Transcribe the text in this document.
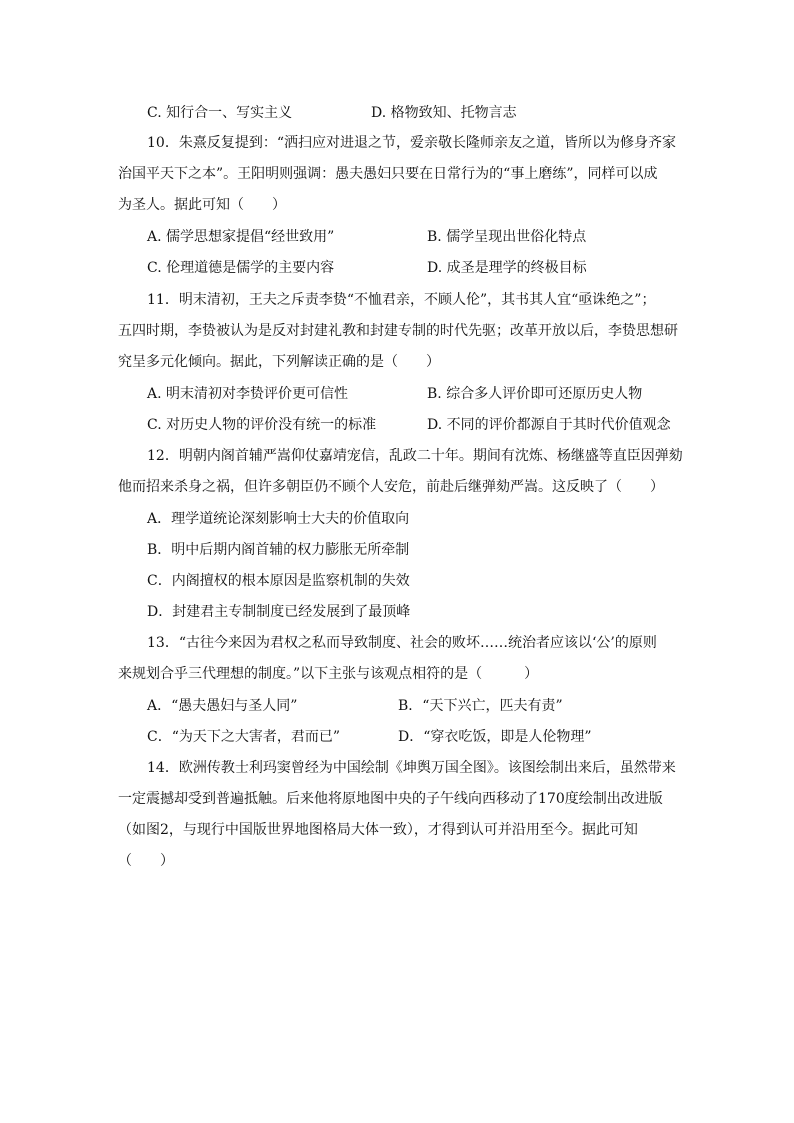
C. 知行合一、写实主义	D. 格物致知、托物言志
10．朱熹反复提到：“洒扫应对进退之节，爱亲敬长隆师亲友之道，皆所以为修身齐家
治国平天下之本”。王阳明则强调：愚夫愚妇只要在日常行为的“事上磨练”，同样可以成
为圣人。据此可知（　　）
A. 儒学思想家提倡“经世致用”	B. 儒学呈现出世俗化特点
C. 伦理道德是儒学的主要内容	D. 成圣是理学的终极目标
11．明末清初，王夫之斥责李贽“不恤君亲，不顾人伦”，其书其人宜“亟诛绝之”；
五四时期，李贽被认为是反对封建礼教和封建专制的时代先驱；改革开放以后，李贽思想研
究呈多元化倾向。据此，下列解读正确的是（　　）
A. 明末清初对李贽评价更可信性	B. 综合多人评价即可还原历史人物
C. 对历史人物的评价没有统一的标准	D. 不同的评价都源自于其时代价值观念
12．明朝内阁首辅严嵩仰仗嘉靖宠信，乱政二十年。期间有沈炼、杨继盛等直臣因弹劾
他而招来杀身之祸，但许多朝臣仍不顾个人安危，前赴后继弹劾严嵩。这反映了（　　）
A．理学道统论深刻影响士大夫的价值取向
B．明中后期内阁首辅的权力膨胀无所牵制
C．内阁擅权的根本原因是监察机制的失效
D．封建君主专制制度已经发展到了最顶峰
13．“古往今来因为君权之私而导致制度、社会的败坏……统治者应该以‘公’的原则
来规划合乎三代理想的制度。”以下主张与该观点相符的是（　　　）
A．“愚夫愚妇与圣人同”	B．“天下兴亡，匹夫有责”
C．“为天下之大害者，君而已”	D．“穿衣吃饭，即是人伦物理”
14．欧洲传教士利玛窦曾经为中国绘制《坤舆万国全图》。该图绘制出来后，虽然带来
一定震撼却受到普遍抵触。后来他将原地图中央的子午线向西移动了170度绘制出改进版
（如图2，与现行中国版世界地图格局大体一致），才得到认可并沿用至今。据此可知
（　　）
